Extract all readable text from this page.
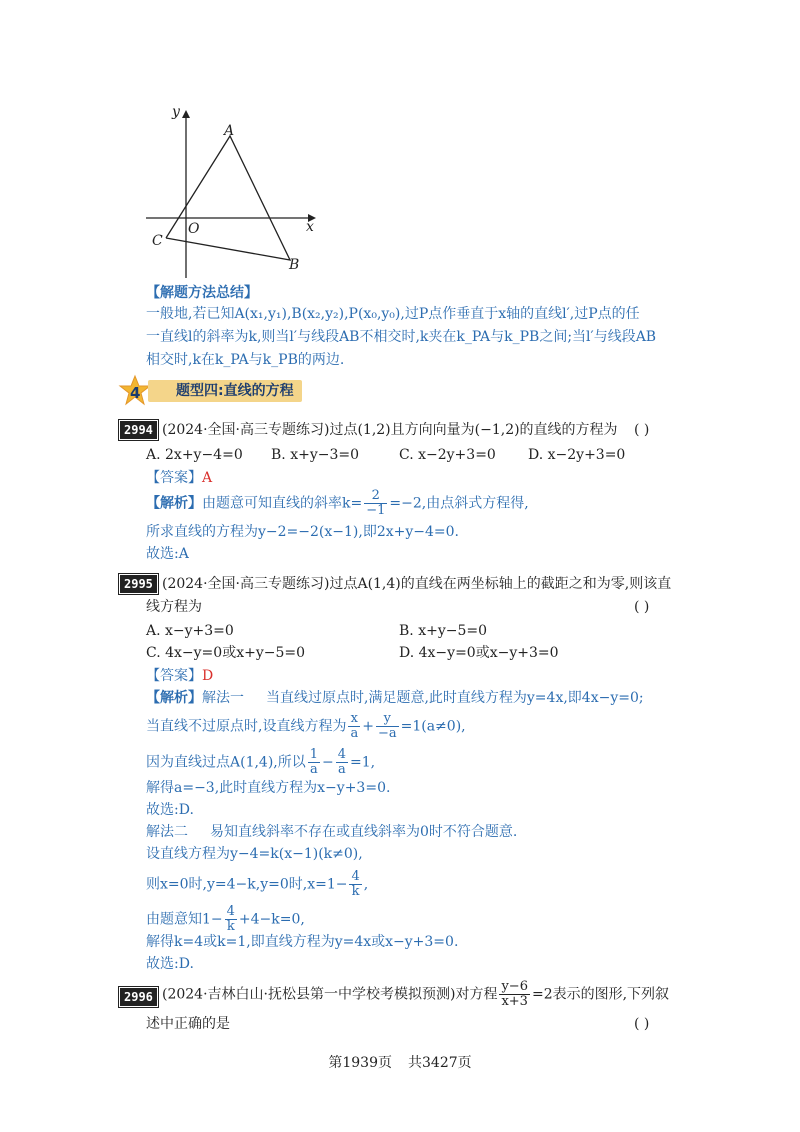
y
x
O
A
B
C
【解题方法总结】
一般地,若已知A(x₁,y₁),B(x₂,y₂),P(x₀,y₀),过P点作垂直于x轴的直线l′,过P点的任
一直线l的斜率为k,则当l′与线段AB不相交时,k夹在k_PA与k_PB之间;当l′与线段AB
相交时,k在k_PA与k_PB的两边.
4	题型四:直线的方程
2994 (2024·全国·高三专题练习)过点(1,2)且方向向量为(−1,2)的直线的方程为 ( )
A. 2x+y−4=0 B. x+y−3=0	C. x−2y+3=0 D. x−2y+3=0
【答案】A
【解析】由题意可知直线的斜率$k= \frac{2}{-1} =-2$,由点斜式方程得,
所求直线的方程为y−2=−2(x−1),即2x+y−4=0.
故选:A
2995 (2024·全国·高三专题练习)过点A(1,4)的直线在两坐标轴上的截距之和为零,则该直
线方程为	( )
A. x−y+3=0	B. x+y−5=0
C. 4x−y=0或x+y−5=0	D. 4x−y=0或x−y+3=0
【答案】D
【解析】解法一 当直线过原点时,满足题意,此时直线方程为y=4x,即4x−y=0;
当直线不过原点时,设直线方程为 $\frac{x}{a} + \frac{y}{-a} =1(a\ne 0)$,
因为直线过点A(1,4),所以 $\frac{1}{a} - \frac{4}{a} =1$,
解得a=−3,此时直线方程为x−y+3=0.
故选:D.
解法二 易知直线斜率不存在或直线斜率为0时不符合题意.
设直线方程为y−4=k(x−1)(k≠0),
则x=0时,y=4−k,y=0时$,x=1- \frac{4}{k}$ ,
由题意知$1- \frac{4}{k} +4-k=0$,
解得k=4或k=1,即直线方程为y=4x或x−y+3=0.
故选:D.
2996 (2024·吉林白山·抚松县第一中学校考模拟预测)对方程 $\frac{y-6}{x+3} =2$表示的图形,下列叙
述中正确的是	( )
第1939页 共3427页
